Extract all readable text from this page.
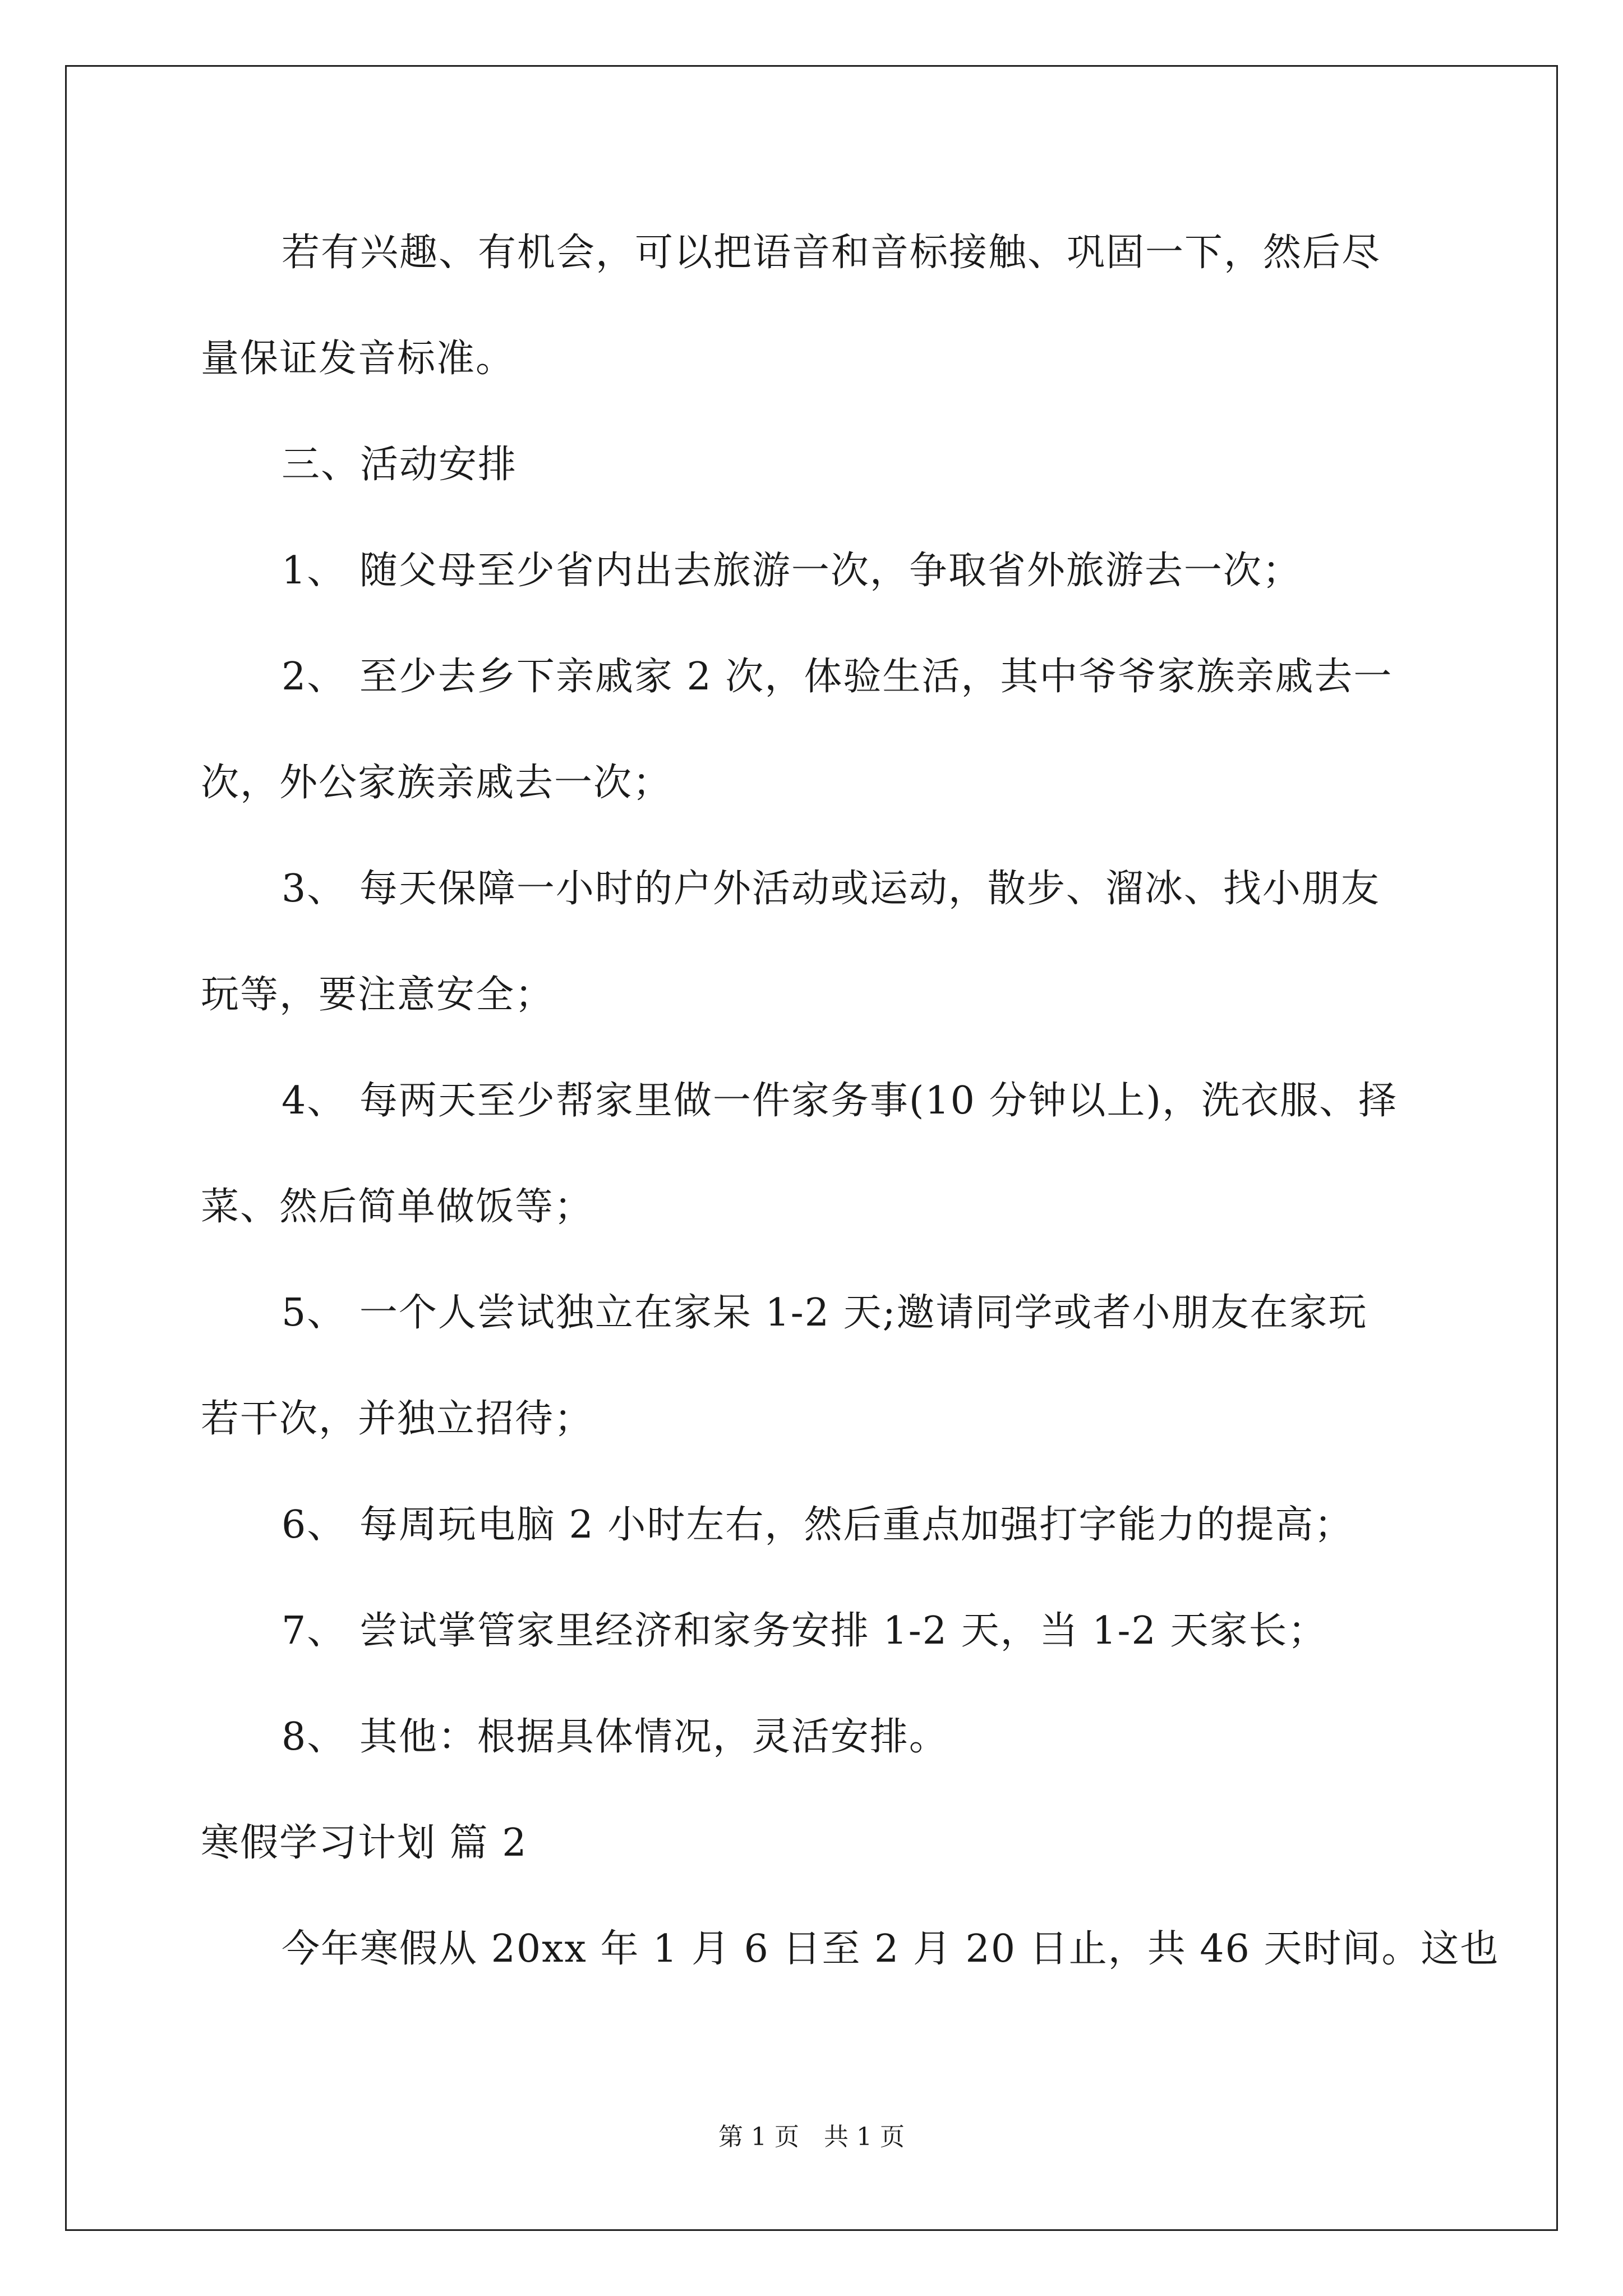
若有兴趣、有机会，可以把语音和音标接触、巩固一下，然后尽
量保证发音标准。
三、活动安排
1、 随父母至少省内出去旅游一次，争取省外旅游去一次；
2、 至少去乡下亲戚家 2 次，体验生活，其中爷爷家族亲戚去一
次，外公家族亲戚去一次；
3、 每天保障一小时的户外活动或运动，散步、溜冰、找小朋友
玩等，要注意安全；
4、 每两天至少帮家里做一件家务事(10 分钟以上)，洗衣服、择
菜、然后简单做饭等；
5、 一个人尝试独立在家呆 1-2 天;邀请同学或者小朋友在家玩
若干次，并独立招待；
6、 每周玩电脑 2 小时左右，然后重点加强打字能力的提高；
7、 尝试掌管家里经济和家务安排 1-2 天，当 1-2 天家长；
8、 其他：根据具体情况，灵活安排。
寒假学习计划 篇 2
今年寒假从 20xx 年 1 月 6 日至 2 月 20 日止，共 46 天时间。这也
第 1 页 共 1 页
